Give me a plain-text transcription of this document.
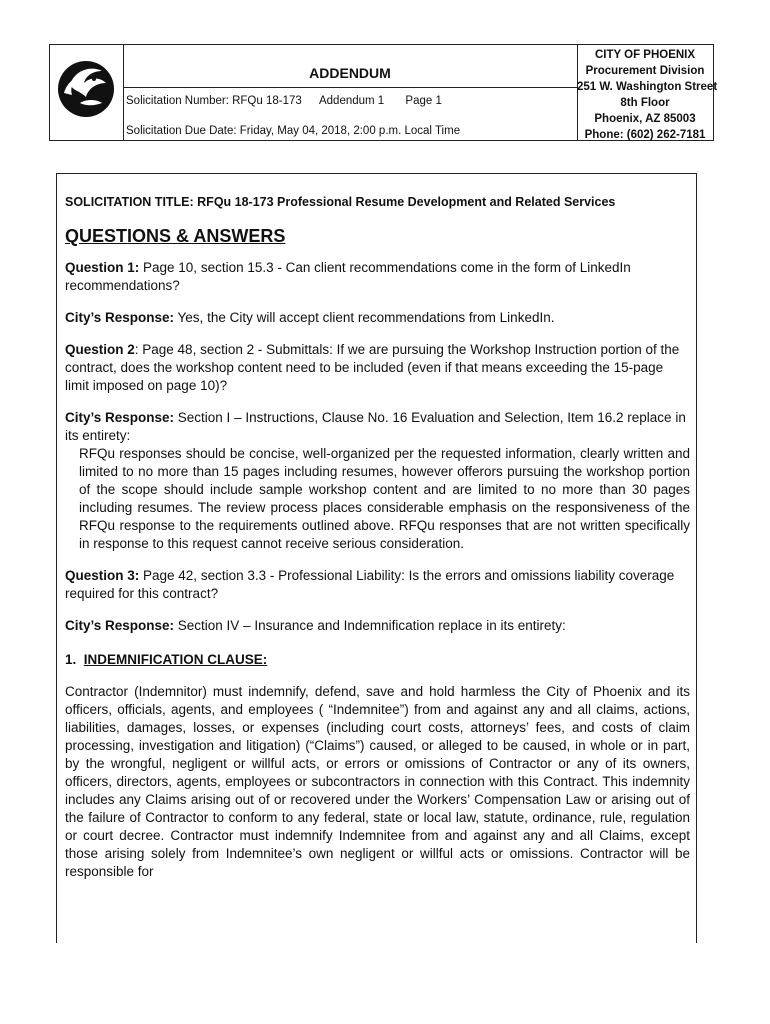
ADDENDUM
Solicitation Number: RFQu 18-173 Addendum 1 Page 1
Solicitation Due Date: Friday, May 04, 2018, 2:00 p.m. Local Time
CITY OF PHOENIX
Procurement Division
251 W. Washington Street
8th Floor
Phoenix, AZ 85003
Phone: (602) 262-7181
SOLICITATION TITLE: RFQu 18-173 Professional Resume Development and Related Services
QUESTIONS & ANSWERS

Question 1: Page 10, section 15.3 - Can client recommendations come in the form of LinkedIn recommendations?

City’s Response: Yes, the City will accept client recommendations from LinkedIn.

Question 2: Page 48, section 2 - Submittals: If we are pursuing the Workshop Instruction portion of the contract, does the workshop content need to be included (even if that means exceeding the 15-page limit imposed on page 10)?

City’s Response: Section I – Instructions, Clause No. 16 Evaluation and Selection, Item 16.2 replace in its entirety:

RFQu responses should be concise, well-organized per the requested information, clearly written and limited to no more than 15 pages including resumes, however offerors pursuing the workshop portion of the scope should include sample workshop content and are limited to no more than 30 pages including resumes. The review process places considerable emphasis on the responsiveness of the RFQu response to the requirements outlined above. RFQu responses that are not written specifically in response to this request cannot receive serious consideration.

Question 3: Page 42, section 3.3 - Professional Liability: Is the errors and omissions liability coverage required for this contract?

City’s Response: Section IV – Insurance and Indemnification replace in its entirety:

1. INDEMNIFICATION CLAUSE:

Contractor (Indemnitor) must indemnify, defend, save and hold harmless the City of Phoenix and its officers, officials, agents, and employees ( “Indemnitee”) from and against any and all claims, actions, liabilities, damages, losses, or expenses (including court costs, attorneys’ fees, and costs of claim processing, investigation and litigation) (“Claims”) caused, or alleged to be caused, in whole or in part, by the wrongful, negligent or willful acts, or errors or omissions of Contractor or any of its owners, officers, directors, agents, employees or subcontractors in connection with this Contract. This indemnity includes any Claims arising out of or recovered under the Workers’ Compensation Law or arising out of the failure of Contractor to conform to any federal, state or local law, statute, ordinance, rule, regulation or court decree. Contractor must indemnify Indemnitee from and against any and all Claims, except those arising solely from Indemnitee’s own negligent or willful acts or omissions. Contractor will be responsible for
